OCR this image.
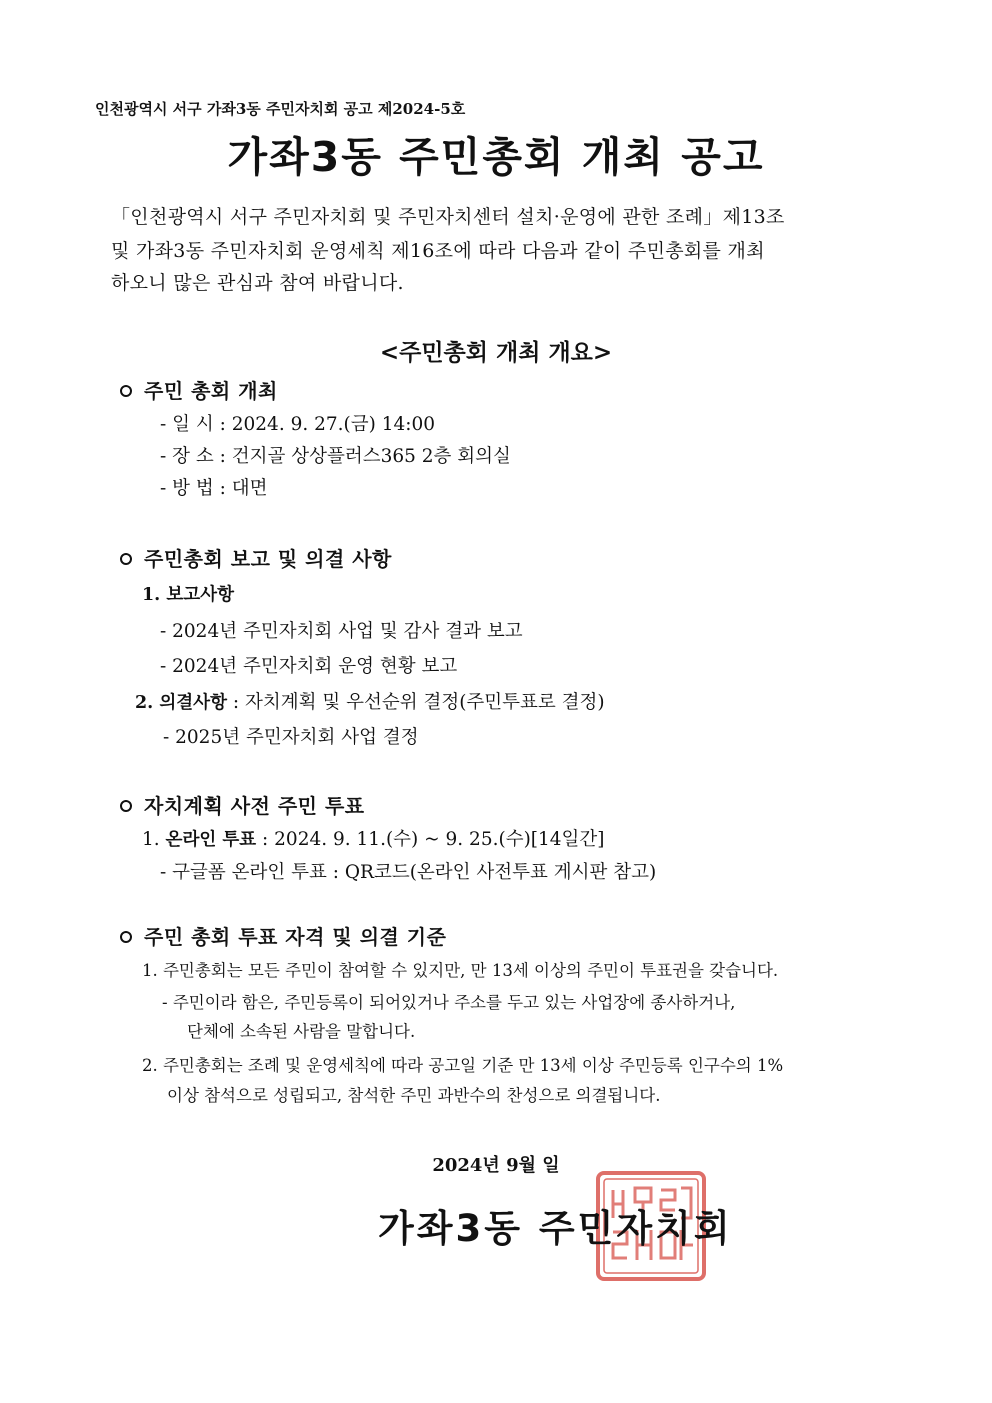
인천광역시 서구 가좌3동 주민자치회 공고 제2024-5호
가좌3동 주민총회 개최 공고
「인천광역시 서구 주민자치회 및 주민자치센터 설치·운영에 관한 조례」제13조
및 가좌3동 주민자치회 운영세칙 제16조에 따라 다음과 같이 주민총회를 개최
하오니 많은 관심과 참여 바랍니다.
<주민총회 개최 개요>
주민 총회 개최
- 일 시 : 2024. 9. 27.(금) 14:00
- 장 소 : 건지골 상상플러스365 2층 회의실
- 방 법 : 대면
주민총회 보고 및 의결 사항
1. 보고사항
- 2024년 주민자치회 사업 및 감사 결과 보고
- 2024년 주민자치회 운영 현황 보고
2. 의결사항 : 자치계획 및 우선순위 결정(주민투표로 결정)
- 2025년 주민자치회 사업 결정
자치계획 사전 주민 투표
1. 온라인 투표 : 2024. 9. 11.(수) ~ 9. 25.(수)[14일간]
- 구글폼 온라인 투표 : QR코드(온라인 사전투표 게시판 참고)
주민 총회 투표 자격 및 의결 기준
1. 주민총회는 모든 주민이 참여할 수 있지만, 만 13세 이상의 주민이 투표권을 갖습니다.
- 주민이라 함은, 주민등록이 되어있거나 주소를 두고 있는 사업장에 종사하거나,
단체에 소속된 사람을 말합니다.
2. 주민총회는 조례 및 운영세칙에 따라 공고일 기준 만 13세 이상 주민등록 인구수의 1%
이상 참석으로 성립되고, 참석한 주민 과반수의 찬성으로 의결됩니다.
2024년 9월 일
가좌3동 주민자치회
